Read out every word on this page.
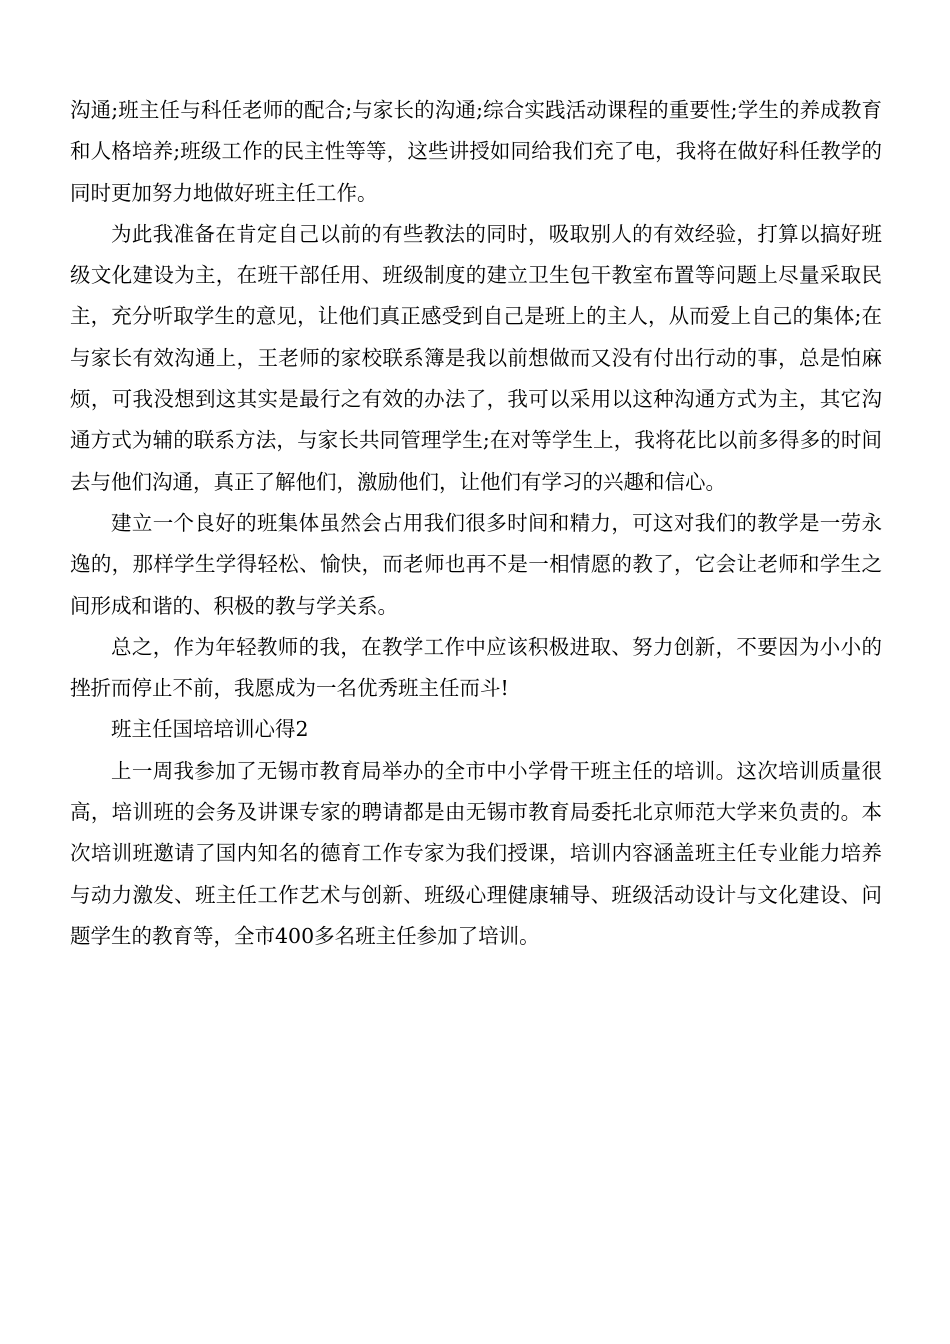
沟通;班主任与科任老师的配合;与家长的沟通;综合实践活动课程的重要性;学生的养成教育和人格培养;班级工作的民主性等等，这些讲授如同给我们充了电，我将在做好科任教学的同时更加努力地做好班主任工作。

为此我准备在肯定自己以前的有些教法的同时，吸取别人的有效经验，打算以搞好班级文化建设为主，在班干部任用、班级制度的建立卫生包干教室布置等问题上尽量采取民主，充分听取学生的意见，让他们真正感受到自己是班上的主人，从而爱上自己的集体;在与家长有效沟通上，王老师的家校联系簿是我以前想做而又没有付出行动的事，总是怕麻烦，可我没想到这其实是最行之有效的办法了，我可以采用以这种沟通方式为主，其它沟通方式为辅的联系方法，与家长共同管理学生;在对等学生上，我将花比以前多得多的时间去与他们沟通，真正了解他们，激励他们，让他们有学习的兴趣和信心。

建立一个良好的班集体虽然会占用我们很多时间和精力，可这对我们的教学是一劳永逸的，那样学生学得轻松、愉快，而老师也再不是一相情愿的教了，它会让老师和学生之间形成和谐的、积极的教与学关系。

总之，作为年轻教师的我，在教学工作中应该积极进取、努力创新，不要因为小小的挫折而停止不前，我愿成为一名优秀班主任而斗!

班主任国培培训心得2

上一周我参加了无锡市教育局举办的全市中小学骨干班主任的培训。这次培训质量很高，培训班的会务及讲课专家的聘请都是由无锡市教育局委托北京师范大学来负责的。本次培训班邀请了国内知名的德育工作专家为我们授课，培训内容涵盖班主任专业能力培养与动力激发、班主任工作艺术与创新、班级心理健康辅导、班级活动设计与文化建设、问题学生的教育等，全市400多名班主任参加了培训。
